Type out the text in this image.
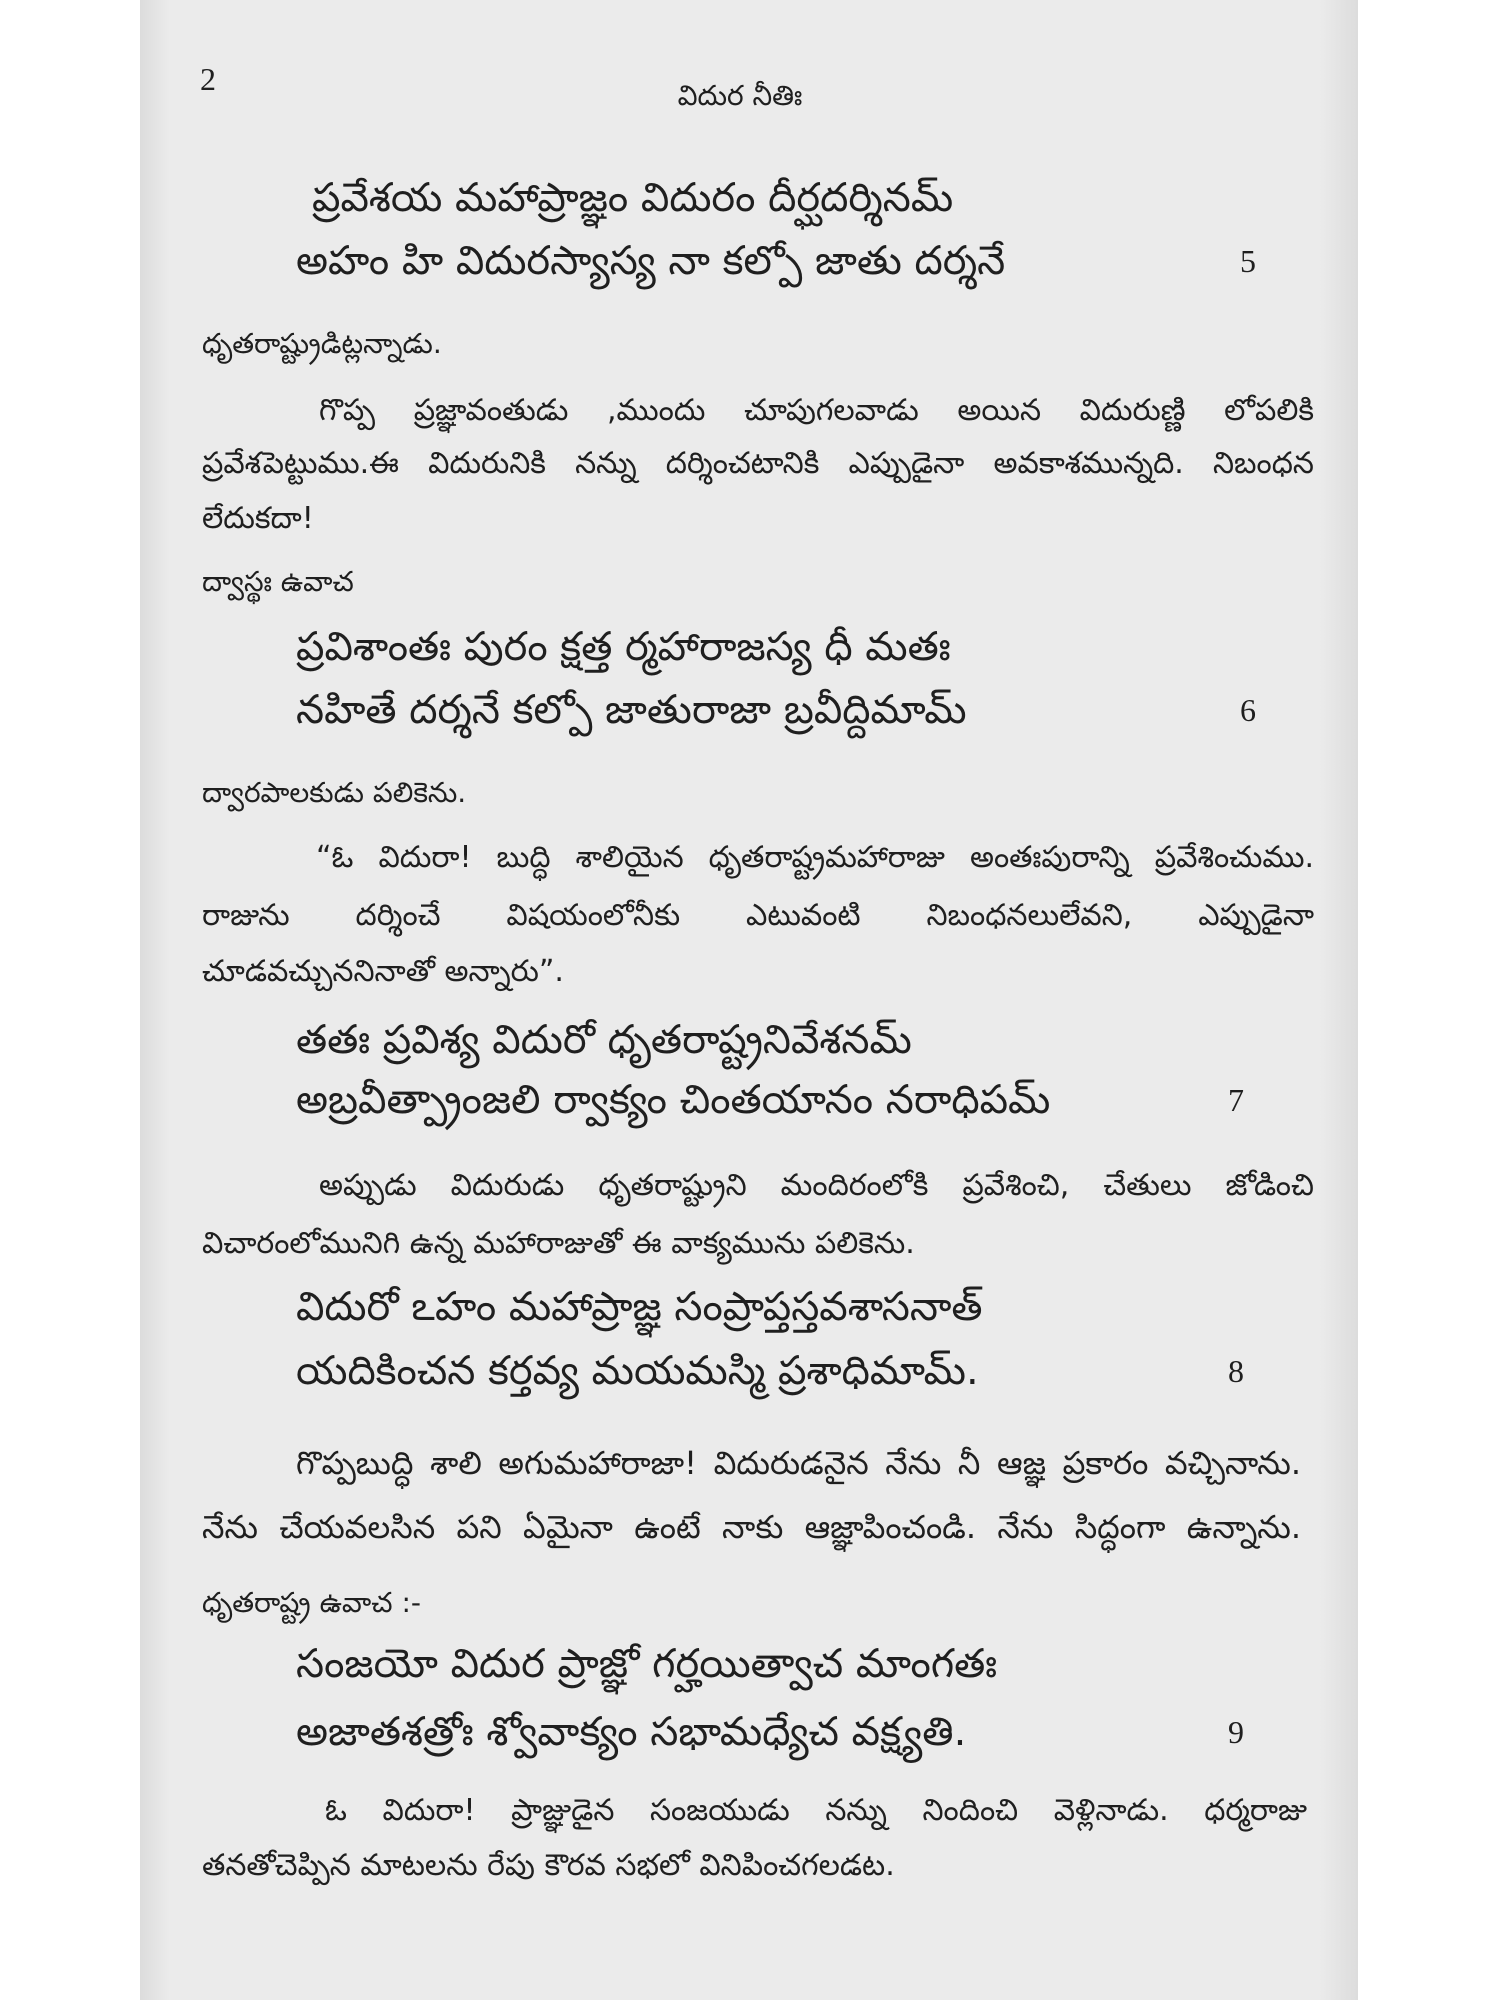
2	విదుర నీతిః
ప్రవేశయ మహాప్రాజ్ఞం విదురం దీర్ఘదర్శినమ్
అహం హి విదురస్యాస్య నా కల్పో జాతు దర్శనే	5
ధృతరాష్ట్రుడిట్లన్నాడు.
గొప్ప ప్రజ్ఞావంతుడు ,ముందు చూపుగలవాడు అయిన విదురుణ్ణి లోపలికి
ప్రవేశపెట్టుము.ఈ విదురునికి నన్ను దర్శించటానికి ఎప్పుడైనా అవకాశమున్నది. నిబంధన
లేదుకదా!
ద్వాస్థః ఉవాచ
ప్రవిశాంతః పురం క్షత్త ర్మహారాజస్య ధీ మతః
నహితే దర్శనే కల్పో జాతురాజా బ్రవీద్దిమామ్	6
ద్వారపాలకుడు పలికెను.
“ఓ విదురా! బుద్ధి శాలియైన ధృతరాష్ట్రమహారాజు అంతఃపురాన్ని ప్రవేశించుము.
రాజును దర్శించే విషయంలోనీకు ఎటువంటి నిబంధనలులేవని, ఎప్పుడైనా
చూడవచ్చుననినాతో అన్నారు”.
తతః ప్రవిశ్య విదురో ధృతరాష్ట్రనివేశనమ్
అబ్రవీత్ప్రాంజలి ర్వాక్యం చింతయానం నరాధిపమ్	7
అప్పుడు విదురుడు ధృతరాష్ట్రుని మందిరంలోకి ప్రవేశించి, చేతులు జోడించి
విచారంలోమునిగి ఉన్న మహారాజుతో ఈ వాక్యమును పలికెను.
విదురో ఽహం మహాప్రాజ్ఞ సంప్రాప్తస్తవశాసనాత్
యదికించన కర్తవ్య మయమస్మి ప్రశాధిమామ్.	8
గొప్పబుద్ధి శాలి అగుమహారాజా! విదురుడనైన నేను నీ ఆజ్ఞ ప్రకారం వచ్చినాను.
నేను చేయవలసిన పని ఏమైనా ఉంటే నాకు ఆజ్ఞాపించండి. నేను సిద్ధంగా ఉన్నాను.
ధృతరాష్ట్ర ఉవాచ :-
సంజయో విదుర ప్రాజ్ఞో గర్హయిత్వాచ మాంగతః
అజాతశత్రోః శ్వోవాక్యం సభామధ్యేచ వక్ష్యతి.	9
ఓ విదురా! ప్రాజ్ఞుడైన సంజయుడు నన్ను నిందించి వెళ్లినాడు. ధర్మరాజు
తనతోచెప్పిన మాటలను రేపు కౌరవ సభలో వినిపించగలడట.
